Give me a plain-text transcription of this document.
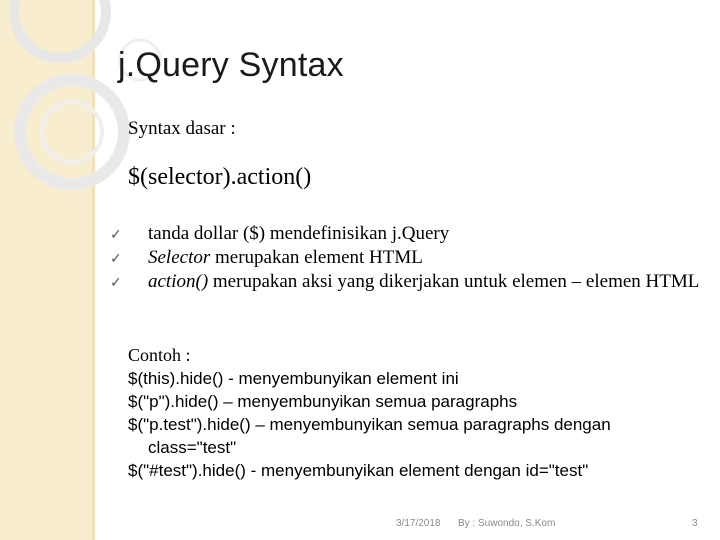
j.Query Syntax
Syntax dasar :
$(selector).action()
✓ tanda dollar ($) mendefinisikan j.Query
✓ Selector merupakan element HTML
✓ action() merupakan aksi yang dikerjakan untuk elemen – elemen HTML
Contoh :
$(this).hide() - menyembunyikan element ini
$("p").hide() – menyembunyikan semua paragraphs
$("p.test").hide() – menyembunyikan semua paragraphs dengan class="test"
$("#test").hide() - menyembunyikan element dengan id="test"
3/17/2018 By : Suwondo, S.Kom	3
